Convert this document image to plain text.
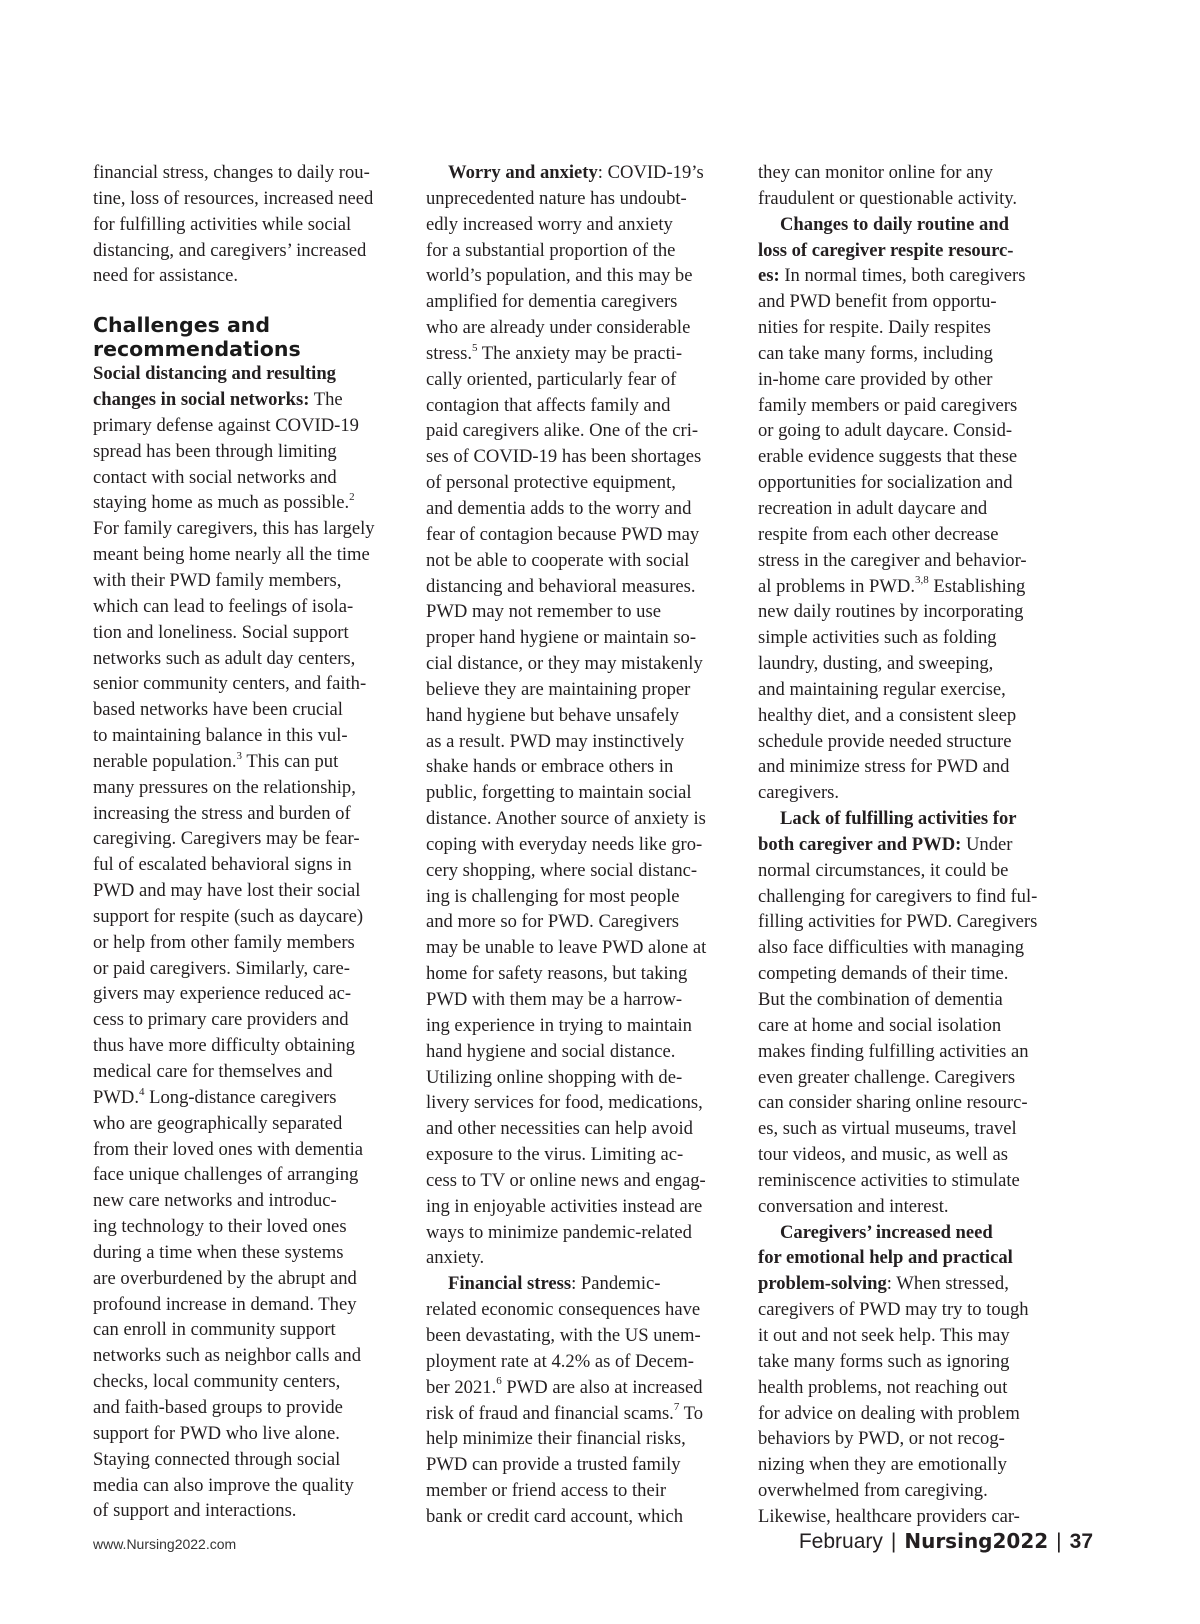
financial stress, changes to daily rou-
tine, loss of resources, increased need
for fulfilling activities while social
distancing, and caregivers’ increased
need for assistance.
Challenges and
recommendations
Social distancing and resulting
changes in social networks: The
primary defense against COVID-19
spread has been through limiting
contact with social networks and
staying home as much as possible.$^2$
For family caregivers, this has largely
meant being home nearly all the time
with their PWD family members,
which can lead to feelings of isola-
tion and loneliness. Social support
networks such as adult day centers,
senior community centers, and faith-
based networks have been crucial
to maintaining balance in this vul-
nerable population.$^3$ This can put
many pressures on the relationship,
increasing the stress and burden of
caregiving. Caregivers may be fear-
ful of escalated behavioral signs in
PWD and may have lost their social
support for respite (such as daycare)
or help from other family members
or paid caregivers. Similarly, care-
givers may experience reduced ac-
cess to primary care providers and
thus have more difficulty obtaining
medical care for themselves and
PWD.$^4$ Long-distance caregivers
who are geographically separated
from their loved ones with dementia
face unique challenges of arranging
new care networks and introduc-
ing technology to their loved ones
during a time when these systems
are overburdened by the abrupt and
profound increase in demand. They
can enroll in community support
networks such as neighbor calls and
checks, local community centers,
and faith-based groups to provide
support for PWD who live alone.
Staying connected through social
media can also improve the quality
of support and interactions.
Worry and anxiety: COVID-19’s
unprecedented nature has undoubt-
edly increased worry and anxiety
for a substantial proportion of the
world’s population, and this may be
amplified for dementia caregivers
who are already under considerable
stress.$^5$ The anxiety may be practi-
cally oriented, particularly fear of
contagion that affects family and
paid caregivers alike. One of the cri-
ses of COVID-19 has been shortages
of personal protective equipment,
and dementia adds to the worry and
fear of contagion because PWD may
not be able to cooperate with social
distancing and behavioral measures.
PWD may not remember to use
proper hand hygiene or maintain so-
cial distance, or they may mistakenly
believe they are maintaining proper
hand hygiene but behave unsafely
as a result. PWD may instinctively
shake hands or embrace others in
public, forgetting to maintain social
distance. Another source of anxiety is
coping with everyday needs like gro-
cery shopping, where social distanc-
ing is challenging for most people
and more so for PWD. Caregivers
may be unable to leave PWD alone at
home for safety reasons, but taking
PWD with them may be a harrow-
ing experience in trying to maintain
hand hygiene and social distance.
Utilizing online shopping with de-
livery services for food, medications,
and other necessities can help avoid
exposure to the virus. Limiting ac-
cess to TV or online news and engag-
ing in enjoyable activities instead are
ways to minimize pandemic-related
anxiety.
Financial stress: Pandemic-
related economic consequences have
been devastating, with the US unem-
ployment rate at 4.2% as of Decem-
ber 2021.$^6$ PWD are also at increased
risk of fraud and financial scams.$^7$ To
help minimize their financial risks,
PWD can provide a trusted family
member or friend access to their
bank or credit card account, which
they can monitor online for any
fraudulent or questionable activity.
Changes to daily routine and
loss of caregiver respite resourc-
es: In normal times, both caregivers
and PWD benefit from opportu-
nities for respite. Daily respites
can take many forms, including
in-home care provided by other
family members or paid caregivers
or going to adult daycare. Consid-
erable evidence suggests that these
opportunities for socialization and
recreation in adult daycare and
respite from each other decrease
stress in the caregiver and behavior-
al problems in PWD.$^{3,8}$ Establishing
new daily routines by incorporating
simple activities such as folding
laundry, dusting, and sweeping,
and maintaining regular exercise,
healthy diet, and a consistent sleep
schedule provide needed structure
and minimize stress for PWD and
caregivers.
Lack of fulfilling activities for
both caregiver and PWD: Under
normal circumstances, it could be
challenging for caregivers to find ful-
filling activities for PWD. Caregivers
also face difficulties with managing
competing demands of their time.
But the combination of dementia
care at home and social isolation
makes finding fulfilling activities an
even greater challenge. Caregivers
can consider sharing online resourc-
es, such as virtual museums, travel
tour videos, and music, as well as
reminiscence activities to stimulate
conversation and interest.
Caregivers’ increased need
for emotional help and practical
problem-solving: When stressed,
caregivers of PWD may try to tough
it out and not seek help. This may
take many forms such as ignoring
health problems, not reaching out
for advice on dealing with problem
behaviors by PWD, or not recog-
nizing when they are emotionally
overwhelmed from caregiving.
Likewise, healthcare providers car-
www.Nursing2022.com	February | Nursing2022 | 37
